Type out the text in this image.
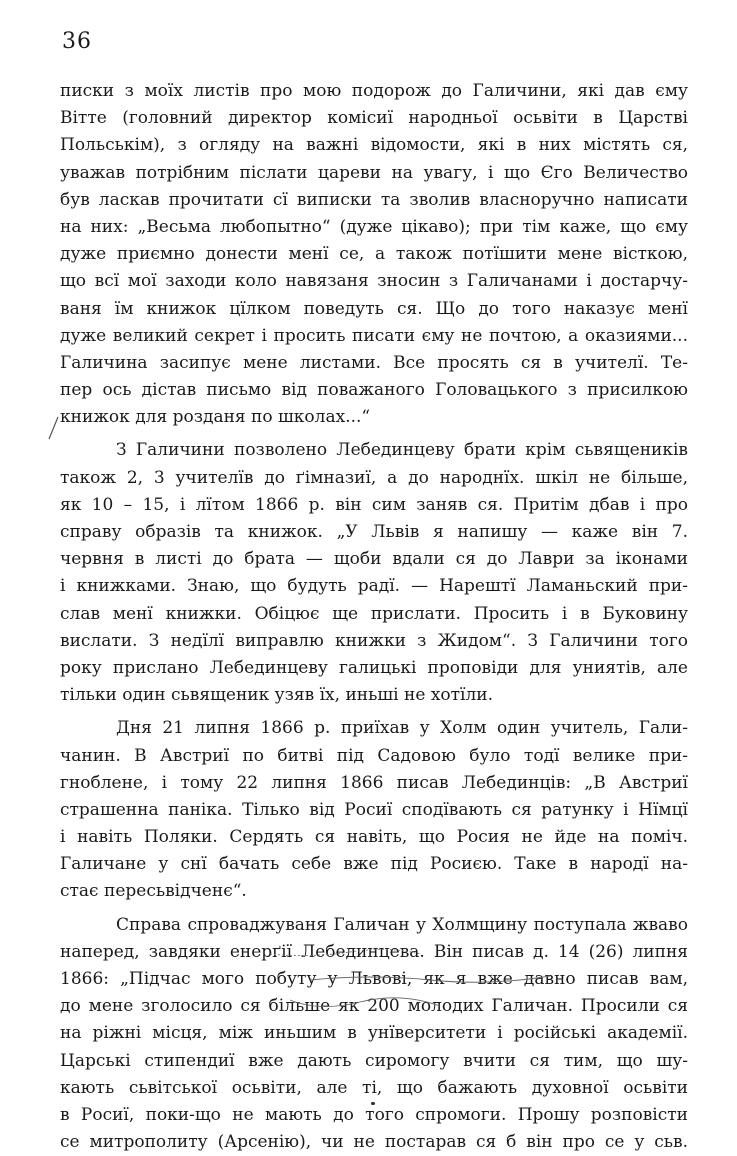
36
писки з моїх листів про мою подорож до Галичини, які дав єму
Вітте (головний директор комісиї народньої осьвіти в Царстві
Польськім), з огляду на важні відомости, які в них містять ся,
уважав потрібним післати цареви на увагу, і що Єго Величество
був ласкав прочитати сї виписки та зволив власноручно написати
на них: „Весьма любопытно“ (дуже цікаво); при тім каже, що єму
дуже приємно донести менї се, а також потїшити мене вісткою,
що всї мої заходи коло навязаня зносин з Галичанами і достарчу-
ваня їм книжок цїлком поведуть ся. Що до того наказує менї
дуже великий секрет і просить писати єму не почтою, а оказиями...
Галичина засипує мене листами. Все просять ся в учителї. Те-
пер ось дістав письмо від поважаного Головацького з присилкою
книжок для розданя по школах...“
З Галичини позволено Лебединцеву брати крім сьвящеників
також 2, 3 учителїв до ґімназиї, а до народнїх. шкіл не більше,
як 10 – 15, і лїтом 1866 р. він сим заняв ся. Притім дбав і про
справу образів та книжок. „У Львів я напишу — каже він 7.
червня в листі до брата — щоби вдали ся до Лаври за іконами
і книжками. Знаю, що будуть радї. — Нарештї Ламаньский при-
слав менї книжки. Обіцює ще прислати. Просить і в Буковину
вислати. З недїлї виправлю книжки з Жидом“. З Галичини того
року прислано Лебединцеву галицькі проповіди для униятів, але
тільки один сьвященик узяв їх, иньші не хотїли.
Дня 21 липня 1866 р. приїхав у Холм один учитель, Гали-
чанин. В Австриї по битві під Садовою було тодї велике при-
гноблене, і тому 22 липня 1866 писав Лебединців: „В Австриї
страшенна паніка. Тілько від Росиї сподївають ся ратунку і Нїмцї
і навіть Поляки. Сердять ся навіть, що Росия не йде на поміч.
Галичане у снї бачать себе вже під Росиєю. Таке в народї на-
стає пересьвідченє“.
Справа спроваджуваня Галичан у Холмщину поступала жваво
наперед, завдяки енерґії Лебединцева. Він писав д. 14 (26) липня
1866: „Підчас мого побуту у Львові, як я вже давно писав вам,
до мене зголосило ся більше як 200 молодих Галичан. Просили ся
на ріжні місця, між иньшим в унїверситети і російські академії.
Царські стипендиї вже дають сиромогу вчити ся тим, що шу-
кають сьвітської осьвіти, але ті, що бажають духовної осьвіти
в Росиї, поки-що не мають до того спромоги. Прошу розповісти
се митрополиту (Арсенію), чи не постарав ся б він про се у сьв.
